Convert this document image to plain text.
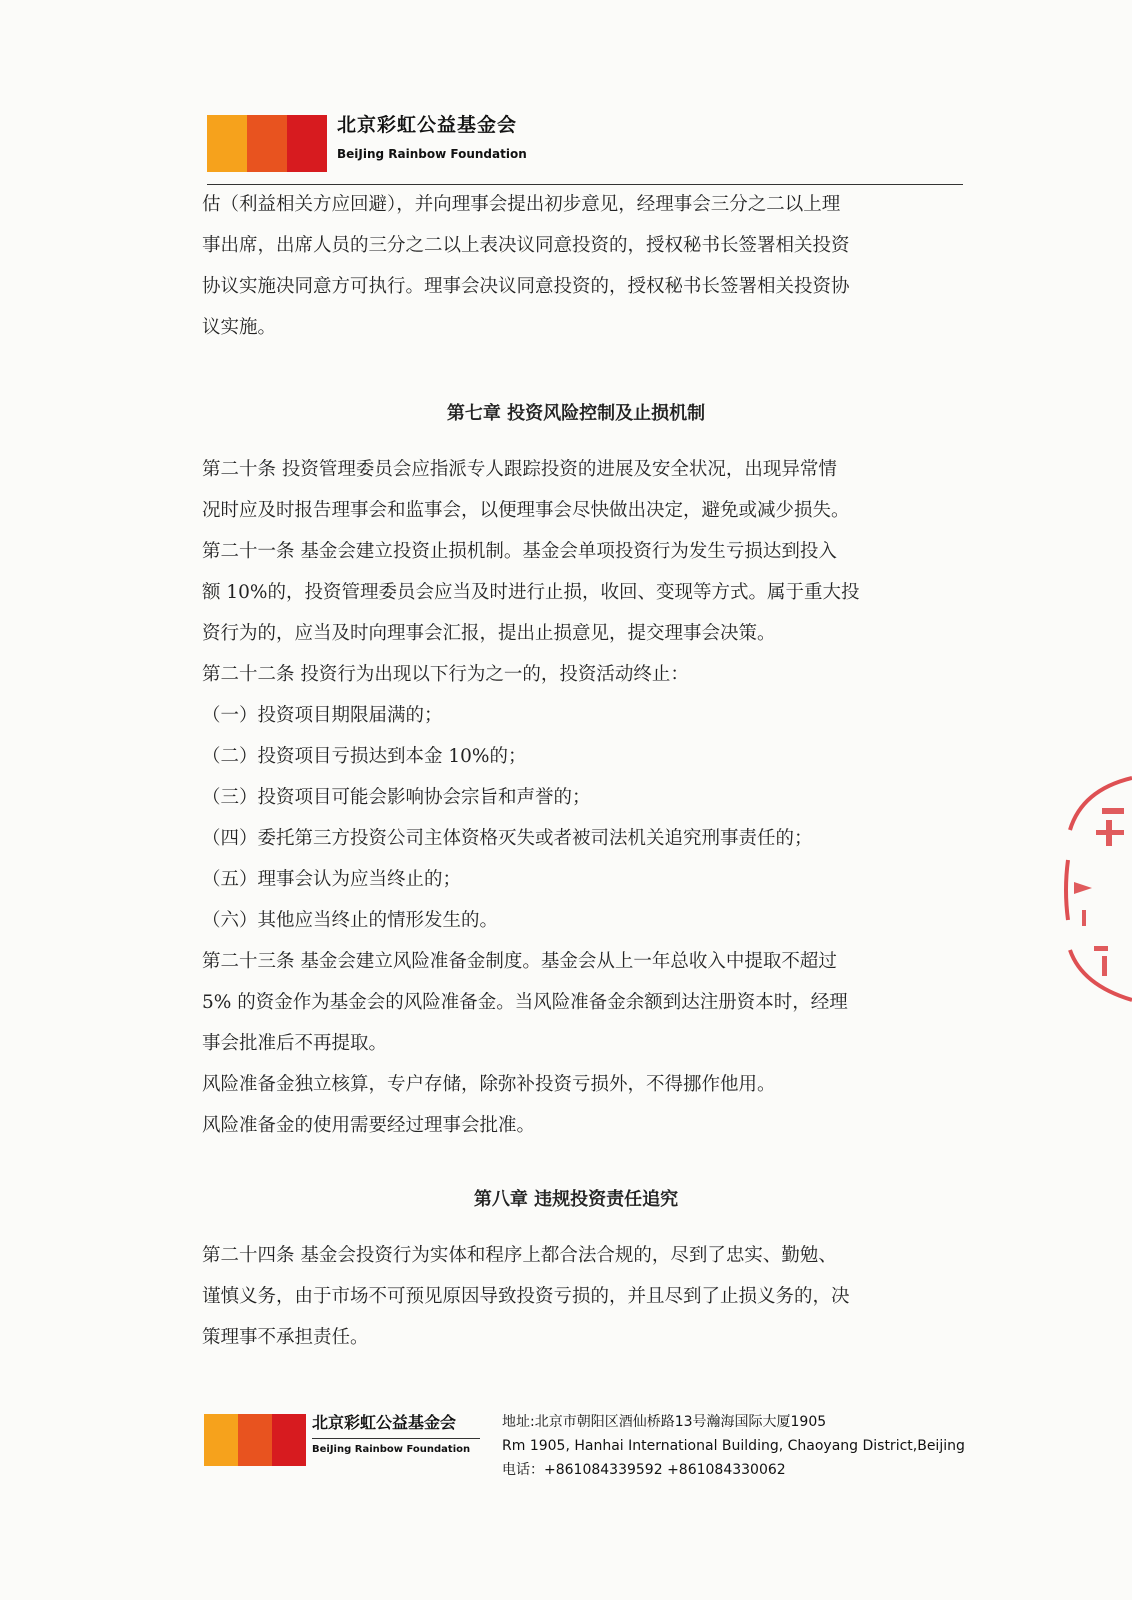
北京彩虹公益基金会
BeiJing Rainbow Foundation

估（利益相关方应回避），并向理事会提出初步意见，经理事会三分之二以上理

事出席，出席人员的三分之二以上表决议同意投资的，授权秘书长签署相关投资

协议实施决同意方可执行。理事会决议同意投资的，授权秘书长签署相关投资协

议实施。

第七章 投资风险控制及止损机制

第二十条 投资管理委员会应指派专人跟踪投资的进展及安全状况，出现异常情

况时应及时报告理事会和监事会，以便理事会尽快做出决定，避免或减少损失。

第二十一条 基金会建立投资止损机制。基金会单项投资行为发生亏损达到投入

额 10%的，投资管理委员会应当及时进行止损，收回、变现等方式。属于重大投

资行为的，应当及时向理事会汇报，提出止损意见，提交理事会决策。

第二十二条 投资行为出现以下行为之一的，投资活动终止：

（一）投资项目期限届满的；

（二）投资项目亏损达到本金 10%的；

（三）投资项目可能会影响协会宗旨和声誉的；

（四）委托第三方投资公司主体资格灭失或者被司法机关追究刑事责任的；

（五）理事会认为应当终止的；

（六）其他应当终止的情形发生的。

第二十三条 基金会建立风险准备金制度。基金会从上一年总收入中提取不超过

5% 的资金作为基金会的风险准备金。当风险准备金余额到达注册资本时，经理

事会批准后不再提取。

风险准备金独立核算，专户存储，除弥补投资亏损外，不得挪作他用。

风险准备金的使用需要经过理事会批准。

第八章 违规投资责任追究

第二十四条 基金会投资行为实体和程序上都合法合规的，尽到了忠实、勤勉、

谨慎义务，由于市场不可预见原因导致投资亏损的，并且尽到了止损义务的，决

策理事不承担责任。

北京彩虹公益基金会
BeiJing Rainbow Foundation
地址:北京市朝阳区酒仙桥路13号瀚海国际大厦1905
Rm 1905, Hanhai International Building, Chaoyang District,Beijing
电话：+861084339592 +861084330062
